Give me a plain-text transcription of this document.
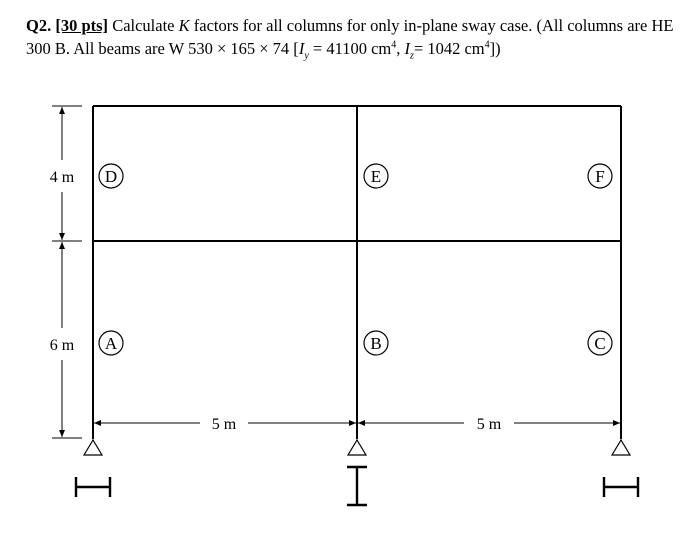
Q2. [30 pts] Calculate K factors for all columns for only in-plane sway case. (All columns are HE 300 B. All beams are W 530 × 165 × 74 [$I_y = 41100$ $cm^4$, $I_z= 1042$ $cm^4$])
4 m
6 m
5 m	5 m
D	E	F
A	B	C
